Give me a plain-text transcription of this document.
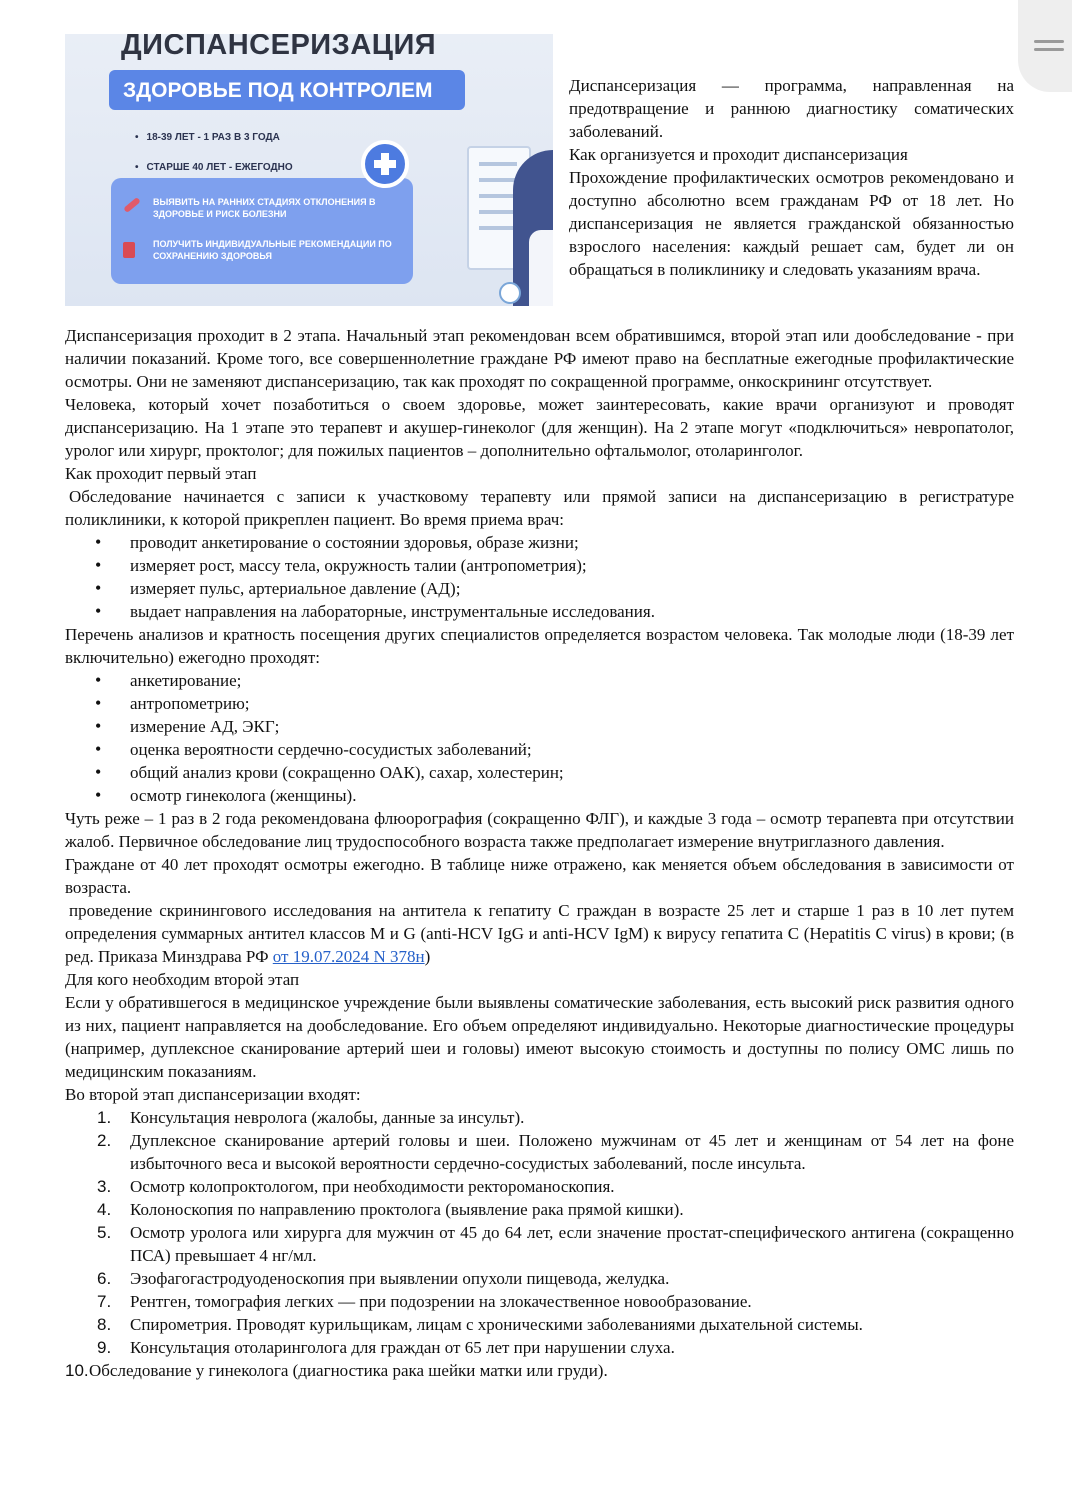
ДИСПАНСЕРИЗАЦИЯ
ЗДОРОВЬЕ ПОД КОНТРОЛЕМ
• 18-39 ЛЕТ - 1 РАЗ В 3 ГОДА
• СТАРШЕ 40 ЛЕТ - ЕЖЕГОДНО
ВЫЯВИТЬ НА РАННИХ СТАДИЯХ ОТКЛОНЕНИЯ В ЗДОРОВЬЕ И РИСК БОЛЕЗНИ
ПОЛУЧИТЬ ИНДИВИДУАЛЬНЫЕ РЕКОМЕНДАЦИИ ПО СОХРАНЕНИЮ ЗДОРОВЬЯ

Диспансеризация — программа, направленная на предотвращение и раннюю диагностику соматических заболеваний.

Как организуется и проходит диспансеризация

Прохождение профилактических осмотров рекомендовано и доступно абсолютно всем гражданам РФ от 18 лет. Но диспансеризация не является гражданской обязанностью взрослого населения: каждый решает сам, будет ли он обращаться в поликлинику и следовать указаниям врача.

Диспансеризация проходит в 2 этапа. Начальный этап рекомендован всем обратившимся, второй этап или дообследование - при наличии показаний. Кроме того, все совершеннолетние граждане РФ имеют право на бесплатные ежегодные профилактические осмотры. Они не заменяют диспансеризацию, так как проходят по сокращенной программе, онкоскрининг отсутствует.

Человека, который хочет позаботиться о своем здоровье, может заинтересовать, какие врачи организуют и проводят диспансеризацию. На 1 этапе это терапевт и акушер-гинеколог (для женщин). На 2 этапе могут «подключиться» невропатолог, уролог или хирург, проктолог; для пожилых пациентов – дополнительно офтальмолог, отоларинголог.

Как проходит первый этап

Обследование начинается с записи к участковому терапевту или прямой записи на диспансеризацию в регистратуре поликлиники, к которой прикреплен пациент. Во время приема врач:

• проводит анкетирование о состоянии здоровья, образе жизни;
• измеряет рост, массу тела, окружность талии (антропометрия);
• измеряет пульс, артериальное давление (АД);
• выдает направления на лабораторные, инструментальные исследования.

Перечень анализов и кратность посещения других специалистов определяется возрастом человека. Так молодые люди (18-39 лет включительно) ежегодно проходят:

• анкетирование;
• антропометрию;
• измерение АД, ЭКГ;
• оценка вероятности сердечно-сосудистых заболеваний;
• общий анализ крови (сокращенно ОАК), сахар, холестерин;
• осмотр гинеколога (женщины).

Чуть реже – 1 раз в 2 года рекомендована флюорография (сокращенно ФЛГ), и каждые 3 года – осмотр терапевта при отсутствии жалоб. Первичное обследование лиц трудоспособного возраста также предполагает измерение внутриглазного давления.

Граждане от 40 лет проходят осмотры ежегодно. В таблице ниже отражено, как меняется объем обследования в зависимости от возраста.

проведение скринингового исследования на антитела к гепатиту С граждан в возрасте 25 лет и старше 1 раз в 10 лет путем определения суммарных антител классов M и G (anti-HCV IgG и anti-HCV IgM) к вирусу гепатита С (Hepatitis C virus) в крови; (в ред. Приказа Минздрава РФ от 19.07.2024 N 378н)

Для кого необходим второй этап

Если у обратившегося в медицинское учреждение были выявлены соматические заболевания, есть высокий риск развития одного из них, пациент направляется на дообследование. Его объем определяют индивидуально. Некоторые диагностические процедуры (например, дуплексное сканирование артерий шеи и головы) имеют высокую стоимость и доступны по полису ОМС лишь по медицинским показаниям.

Во второй этап диспансеризации входят:

1. Консультация невролога (жалобы, данные за инсульт).
2. Дуплексное сканирование артерий головы и шеи. Положено мужчинам от 45 лет и женщинам от 54 лет на фоне избыточного веса и высокой вероятности сердечно-сосудистых заболеваний, после инсульта.
3. Осмотр колопроктологом, при необходимости ректороманоскопия.
4. Колоноскопия по направлению проктолога (выявление рака прямой кишки).
5. Осмотр уролога или хирурга для мужчин от 45 до 64 лет, если значение простат-специфического антигена (сокращенно ПСА) превышает 4 нг/мл.
6. Эзофагогастродуоденоскопия при выявлении опухоли пищевода, желудка.
7. Рентген, томография легких — при подозрении на злокачественное новообразование.
8. Спирометрия. Проводят курильщикам, лицам с хроническими заболеваниями дыхательной системы.
9. Консультация отоларинголога для граждан от 65 лет при нарушении слуха.
10. Обследование у гинеколога (диагностика рака шейки матки или груди).
